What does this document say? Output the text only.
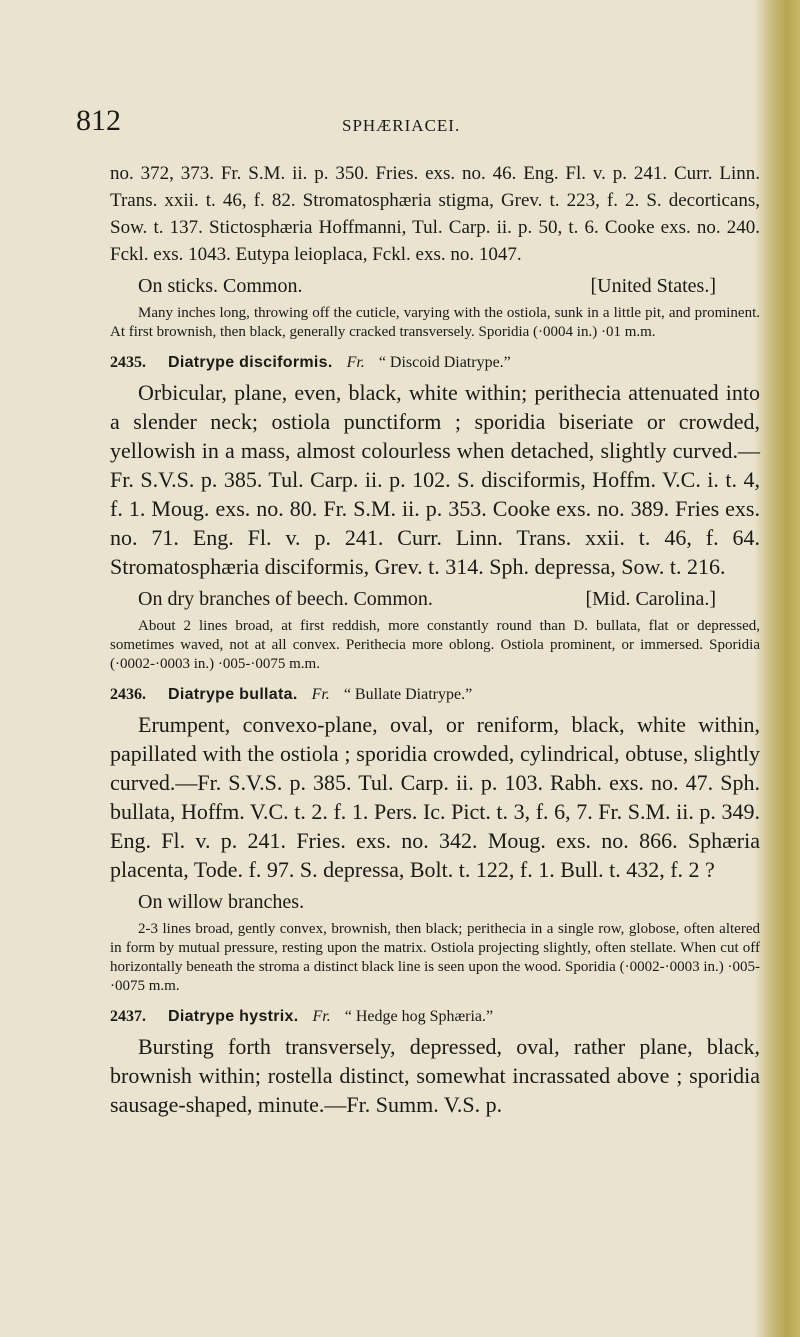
812	SPHÆRIACEI.

no. 372, 373. Fr. S.M. ii. p. 350. Fries. exs. no. 46. Eng. Fl. v. p. 241. Curr. Linn. Trans. xxii. t. 46, f. 82. Stromatosphæria stigma, Grev. t. 223, f. 2. S. decorticans, Sow. t. 137. Stictosphæria Hoffmanni, Tul. Carp. ii. p. 50, t. 6. Cooke exs. no. 240. Fckl. exs. 1043. Eutypa leioplaca, Fckl. exs. no. 1047.

On sticks. Common.	[United States.]

Many inches long, throwing off the cuticle, varying with the ostiola, sunk in a little pit, and prominent. At first brownish, then black, generally cracked transversely. Sporidia (·0004 in.) ·01 m.m.

2435. Diatrype disciformis. Fr. “ Discoid Diatrype.”

Orbicular, plane, even, black, white within; perithecia attenuated into a slender neck; ostiola punctiform ; sporidia biseriate or crowded, yellowish in a mass, almost colourless when detached, slightly curved.—Fr. S.V.S. p. 385. Tul. Carp. ii. p. 102. S. disciformis, Hoffm. V.C. i. t. 4, f. 1. Moug. exs. no. 80. Fr. S.M. ii. p. 353. Cooke exs. no. 389. Fries exs. no. 71. Eng. Fl. v. p. 241. Curr. Linn. Trans. xxii. t. 46, f. 64. Stromatosphæria disciformis, Grev. t. 314. Sph. depressa, Sow. t. 216.

On dry branches of beech. Common.	[Mid. Carolina.]

About 2 lines broad, at first reddish, more constantly round than D. bullata, flat or depressed, sometimes waved, not at all convex. Perithecia more oblong. Ostiola prominent, or immersed. Sporidia (·0002-·0003 in.) ·005-·0075 m.m.

2436. Diatrype bullata. Fr. “ Bullate Diatrype.”

Erumpent, convexo-plane, oval, or reniform, black, white within, papillated with the ostiola ; sporidia crowded, cylindrical, obtuse, slightly curved.—Fr. S.V.S. p. 385. Tul. Carp. ii. p. 103. Rabh. exs. no. 47. Sph. bullata, Hoffm. V.C. t. 2. f. 1. Pers. Ic. Pict. t. 3, f. 6, 7. Fr. S.M. ii. p. 349. Eng. Fl. v. p. 241. Fries. exs. no. 342. Moug. exs. no. 866. Sphæria placenta, Tode. f. 97. S. depressa, Bolt. t. 122, f. 1. Bull. t. 432, f. 2 ?

On willow branches.

2-3 lines broad, gently convex, brownish, then black; perithecia in a single row, globose, often altered in form by mutual pressure, resting upon the matrix. Ostiola projecting slightly, often stellate. When cut off horizontally beneath the stroma a distinct black line is seen upon the wood. Sporidia (·0002-·0003 in.) ·005-·0075 m.m.

2437. Diatrype hystrix. Fr. “ Hedge hog Sphæria.”

Bursting forth transversely, depressed, oval, rather plane, black, brownish within; rostella distinct, somewhat incrassated above ; sporidia sausage-shaped, minute.—Fr. Summ. V.S. p.
